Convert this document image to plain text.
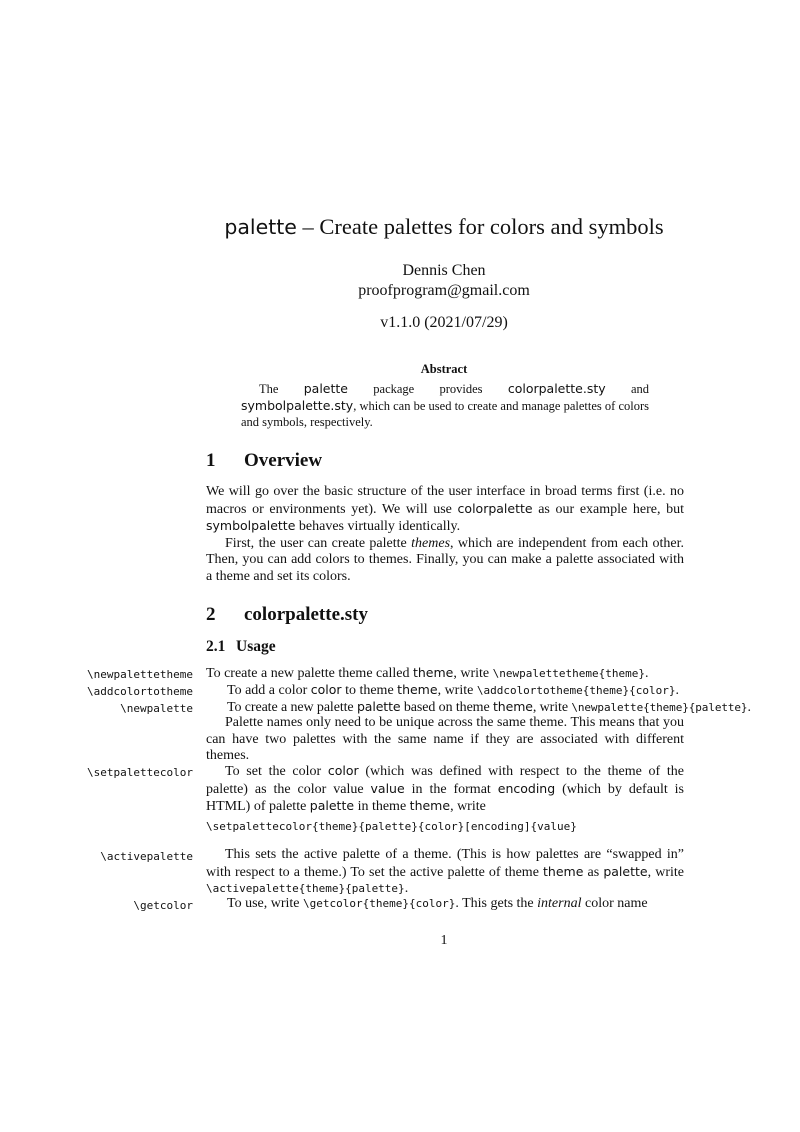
palette – Create palettes for colors and symbols
Dennis Chen
proofprogram@gmail.com
v1.1.0 (2021/07/29)
Abstract

The palette package provides colorpalette.sty and symbolpalette.sty, which can be used to create and manage palettes of colors and symbols, respectively.

1 Overview

We will go over the basic structure of the user interface in broad terms first (i.e. no macros or environments yet). We will use colorpalette as our example here, but symbolpalette behaves virtually identically.

First, the user can create palette themes, which are independent from each other. Then, you can add colors to themes. Finally, you can make a palette associated with a theme and set its colors.

2 colorpalette.sty
2.1 Usage
\newpalettetheme To create a new palette theme called theme, write \newpalettetheme{theme}.
\addcolortotheme To add a color color to theme theme, write \addcolortotheme{theme}{color}.
\newpalette To create a new palette palette based on theme theme, write \newpalette{theme}{palette}.

Palette names only need to be unique across the same theme. This means that you can have two palettes with the same name if they are associated with different themes.

\setpalettecolor	To set the color color (which was defined with respect to the theme of the palette) as the color value value in the format encoding (which by default is HTML) of palette palette in theme theme, write

\setpalettecolor{theme}{palette}{color}[encoding]{value}
\activepalette	This sets the active palette of a theme. (This is how palettes are “swapped in” with respect to a theme.) To set the active palette of theme theme as palette, write \activepalette{theme}{palette}.

\getcolor To use, write \getcolor{theme}{color}. This gets the internal color name
1
